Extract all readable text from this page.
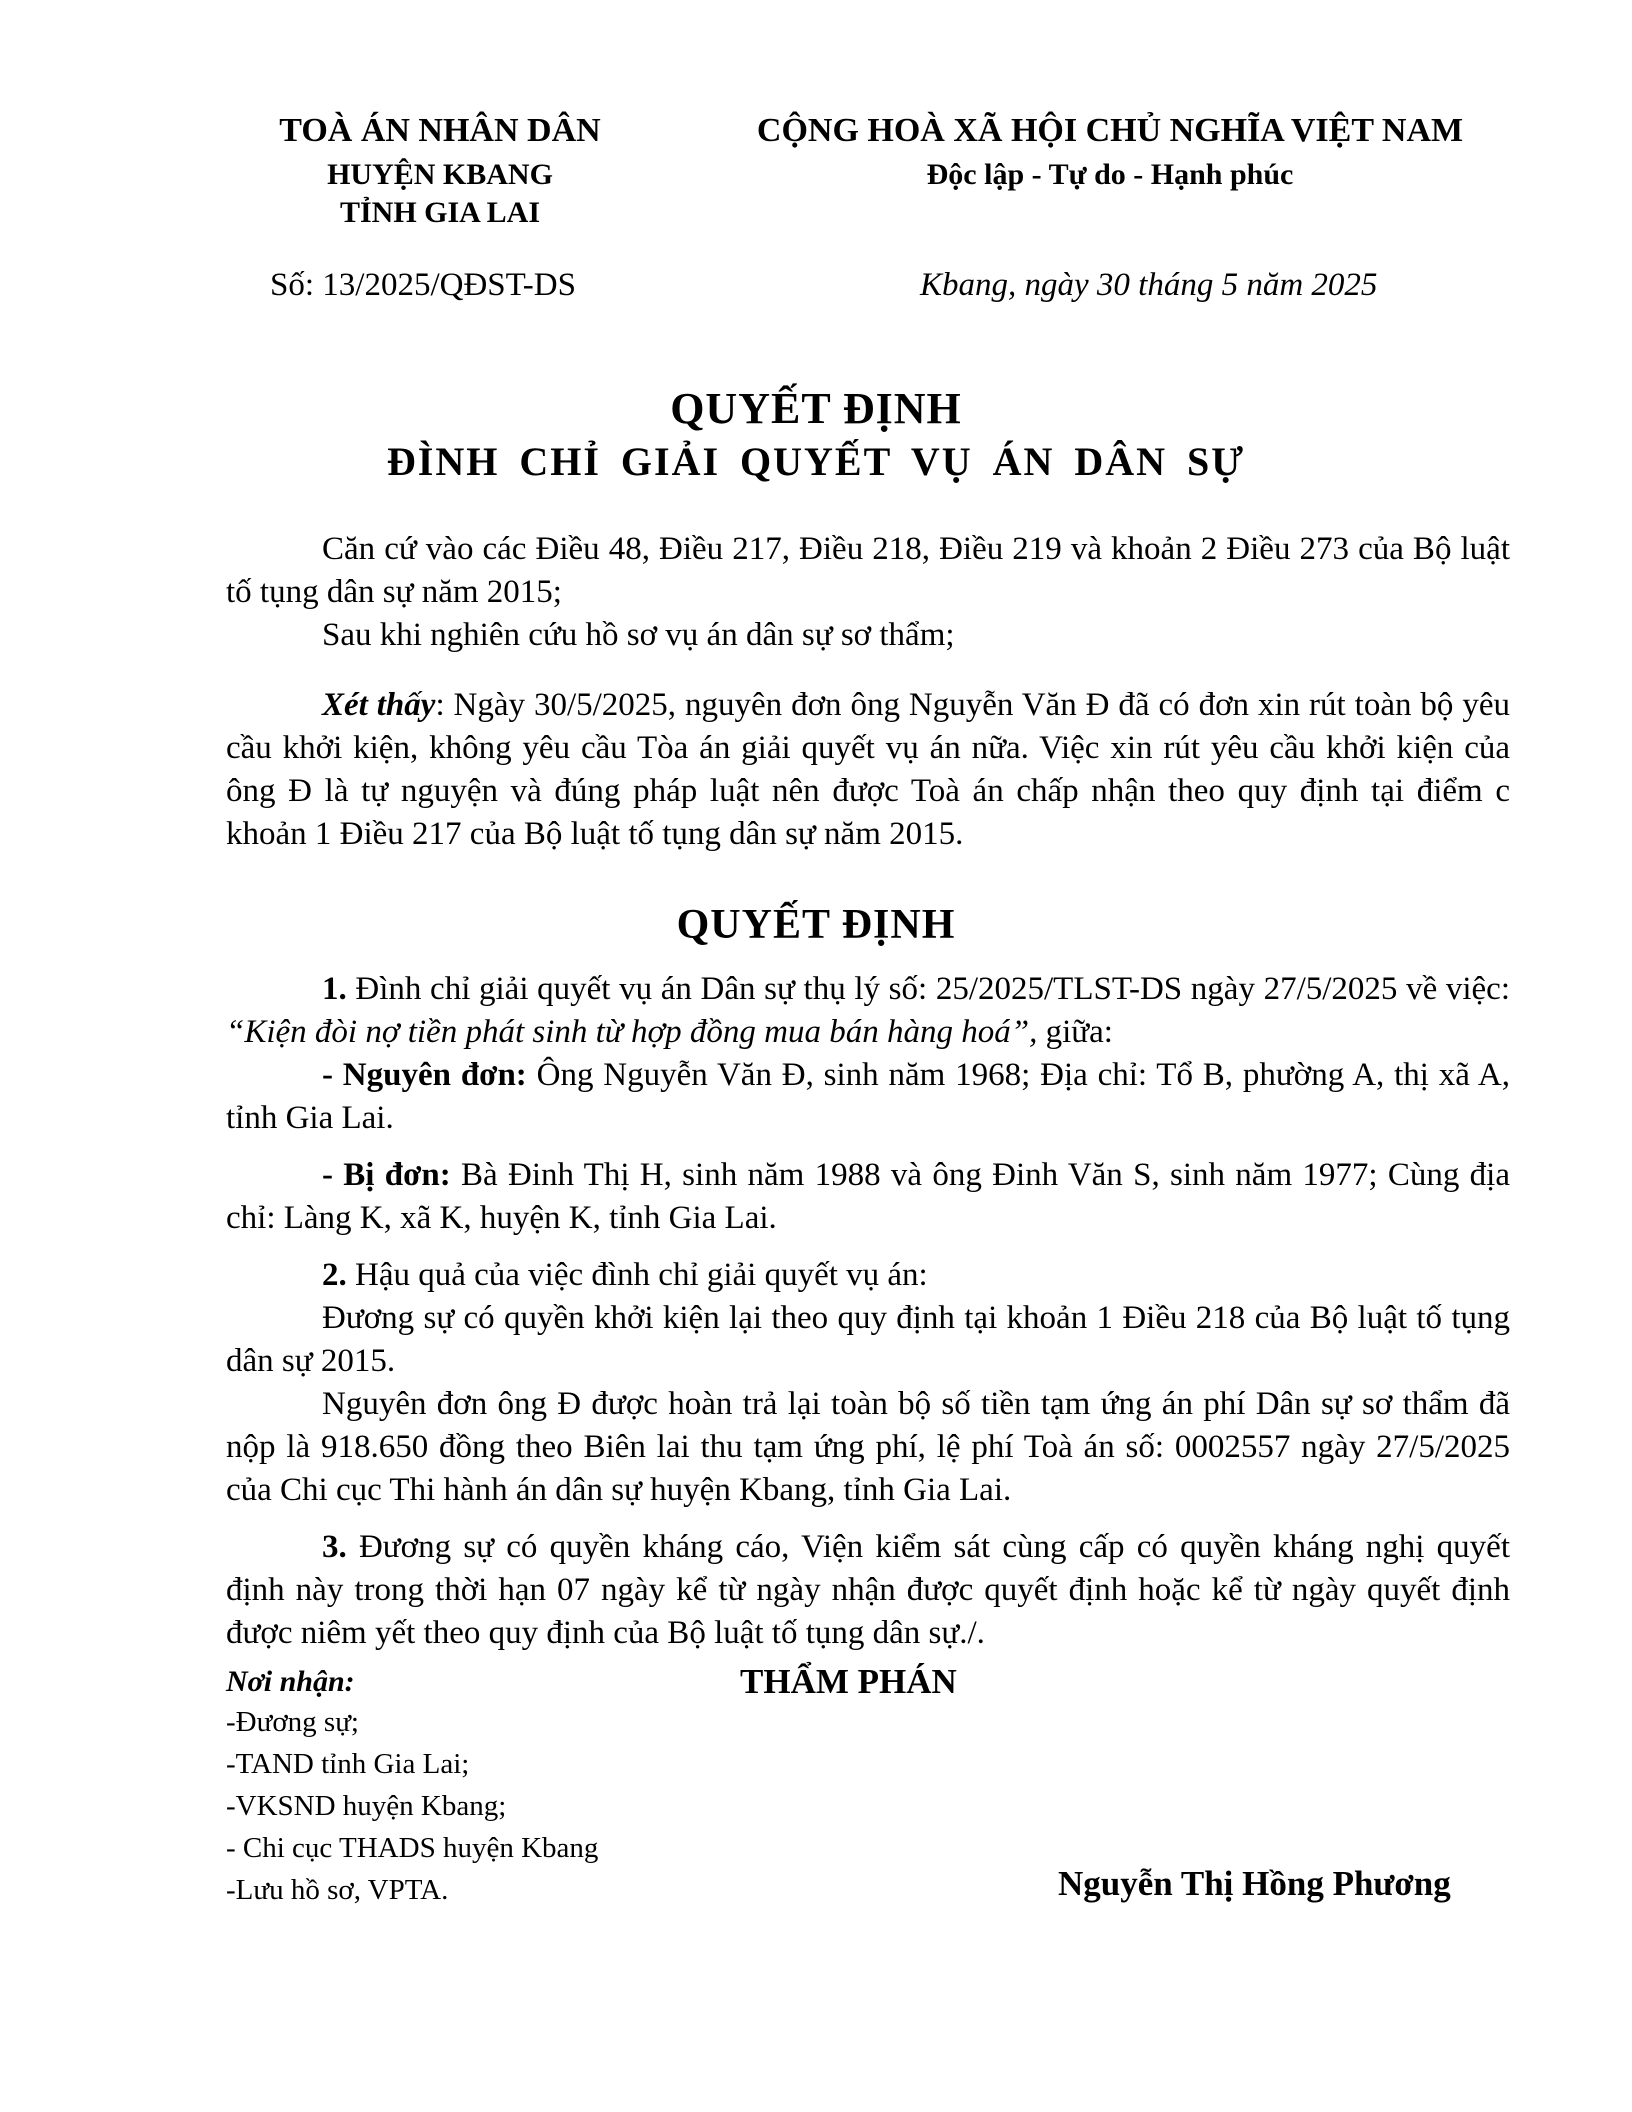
TOÀ ÁN NHÂN DÂN
HUYỆN KBANG
TỈNH GIA LAI
CỘNG HOÀ XÃ HỘI CHỦ NGHĨA VIỆT NAM
Độc lập - Tự do - Hạnh phúc
Số: 13/2025/QĐST-DS	Kbang, ngày 30 tháng 5 năm 2025
QUYẾT ĐỊNH
ĐÌNH CHỈ GIẢI QUYẾT VỤ ÁN DÂN SỰ

Căn cứ vào các Điều 48, Điều 217, Điều 218, Điều 219 và khoản 2 Điều 273 của Bộ luật tố tụng dân sự năm 2015;

Sau khi nghiên cứu hồ sơ vụ án dân sự sơ thẩm;

Xét thấy: Ngày 30/5/2025, nguyên đơn ông Nguyễn Văn Đ đã có đơn xin rút toàn bộ yêu cầu khởi kiện, không yêu cầu Tòa án giải quyết vụ án nữa. Việc xin rút yêu cầu khởi kiện của ông Đ là tự nguyện và đúng pháp luật nên được Toà án chấp nhận theo quy định tại điểm c khoản 1 Điều 217 của Bộ luật tố tụng dân sự năm 2015.

QUYẾT ĐỊNH

1. Đình chỉ giải quyết vụ án Dân sự thụ lý số: 25/2025/TLST-DS ngày 27/5/2025 về việc: “Kiện đòi nợ tiền phát sinh từ hợp đồng mua bán hàng hoá”, giữa:

- Nguyên đơn: Ông Nguyễn Văn Đ, sinh năm 1968; Địa chỉ: Tổ B, phường A, thị xã A, tỉnh Gia Lai.

- Bị đơn: Bà Đinh Thị H, sinh năm 1988 và ông Đinh Văn S, sinh năm 1977; Cùng địa chỉ: Làng K, xã K, huyện K, tỉnh Gia Lai.

2. Hậu quả của việc đình chỉ giải quyết vụ án:

Đương sự có quyền khởi kiện lại theo quy định tại khoản 1 Điều 218 của Bộ luật tố tụng dân sự 2015.

Nguyên đơn ông Đ được hoàn trả lại toàn bộ số tiền tạm ứng án phí Dân sự sơ thẩm đã nộp là 918.650 đồng theo Biên lai thu tạm ứng phí, lệ phí Toà án số: 0002557 ngày 27/5/2025 của Chi cục Thi hành án dân sự huyện Kbang, tỉnh Gia Lai.

3. Đương sự có quyền kháng cáo, Viện kiểm sát cùng cấp có quyền kháng nghị quyết định này trong thời hạn 07 ngày kể từ ngày nhận được quyết định hoặc kể từ ngày quyết định được niêm yết theo quy định của Bộ luật tố tụng dân sự./.

Nơi nhận:
-Đương sự;
-TAND tỉnh Gia Lai;
-VKSND huyện Kbang;
- Chi cục THADS huyện Kbang
-Lưu hồ sơ, VPTA.
THẨM PHÁN
Nguyễn Thị Hồng Phương
